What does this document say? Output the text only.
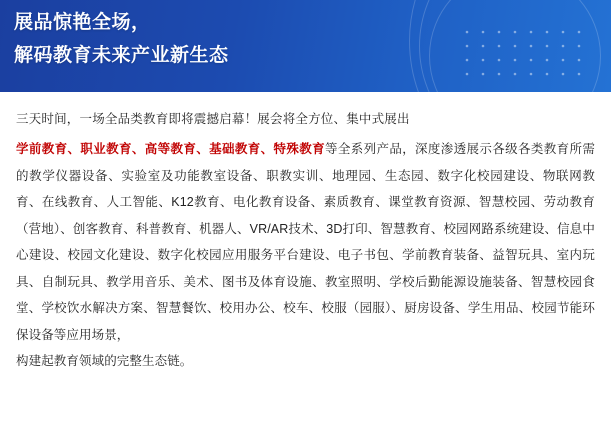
展品惊艳全场，
解码教育未来产业新生态

三天时间，一场全品类教育即将震撼启幕！展会将全方位、集中式展出

学前教育、职业教育、高等教育、基础教育、特殊教育等全系列产品，深度渗透展示各级各类教育所需的教学仪器设备、实验室及功能教室设备、职教实训、地理园、生态园、数字化校园建设、物联网教育、在线教育、人工智能、K12教育、电化教育设备、素质教育、课堂教育资源、智慧校园、劳动教育（营地）、创客教育、科普教育、机器人、VR/AR技术、3D打印、智慧教育、校园网路系统建设、信息中心建设、校园文化建设、数字化校园应用服务平台建设、电子书包、学前教育装备、益智玩具、室内玩具、自制玩具、教学用音乐、美术、图书及体育设施、教室照明、学校后勤能源设施装备、智慧校园食堂、学校饮水解决方案、智慧餐饮、校用办公、校车、校服（园服）、厨房设备、学生用品、校园节能环保设备等应用场景，
构建起教育领域的完整生态链。
